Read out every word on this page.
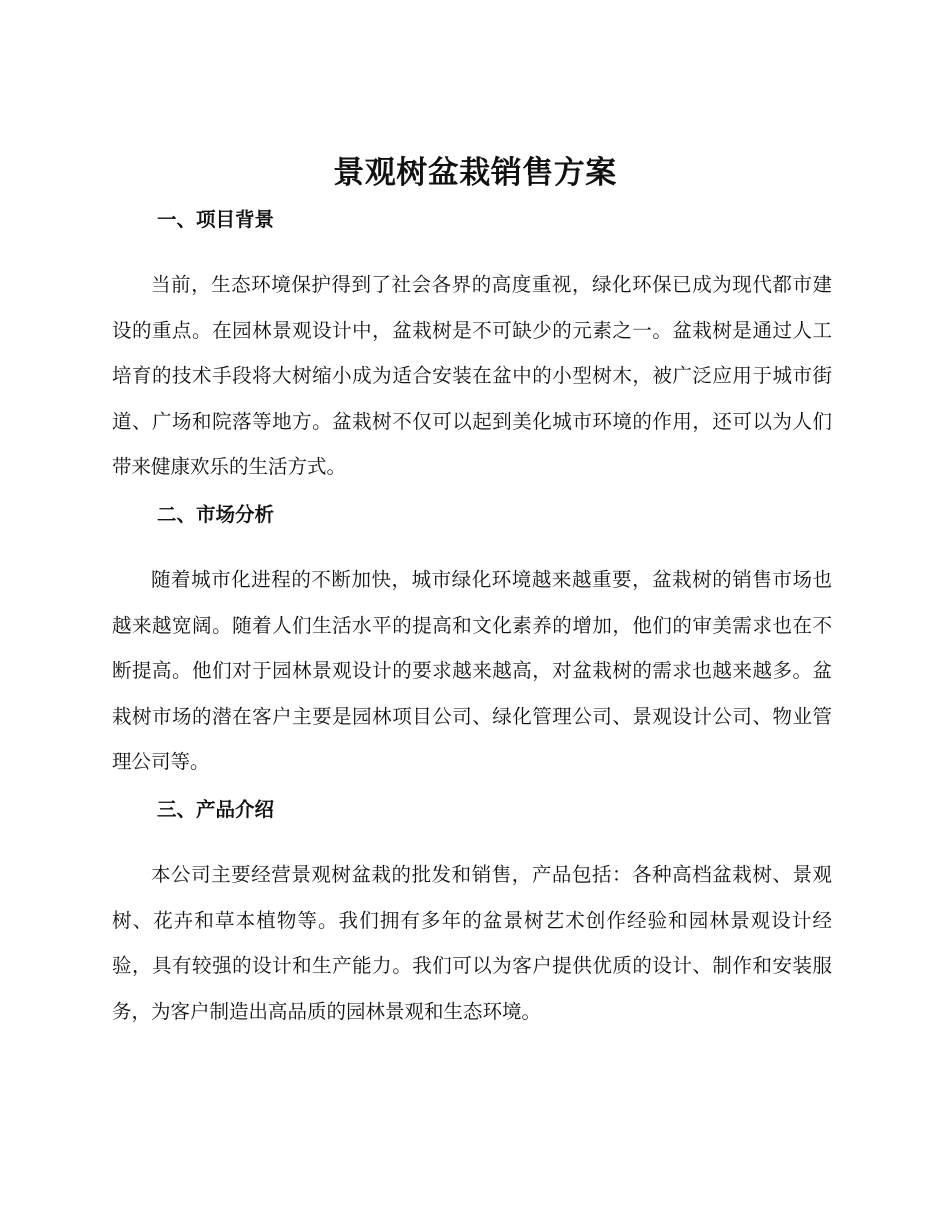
景观树盆栽销售方案
一、项目背景

当前，生态环境保护得到了社会各界的高度重视，绿化环保已成为现代都市建设的重点。在园林景观设计中，盆栽树是不可缺少的元素之一。盆栽树是通过人工培育的技术手段将大树缩小成为适合安装在盆中的小型树木，被广泛应用于城市街道、广场和院落等地方。盆栽树不仅可以起到美化城市环境的作用，还可以为人们带来健康欢乐的生活方式。

二、市场分析

随着城市化进程的不断加快，城市绿化环境越来越重要，盆栽树的销售市场也越来越宽阔。随着人们生活水平的提高和文化素养的增加，他们的审美需求也在不断提高。他们对于园林景观设计的要求越来越高，对盆栽树的需求也越来越多。盆栽树市场的潜在客户主要是园林项目公司、绿化管理公司、景观设计公司、物业管理公司等。

三、产品介绍

本公司主要经营景观树盆栽的批发和销售，产品包括：各种高档盆栽树、景观树、花卉和草本植物等。我们拥有多年的盆景树艺术创作经验和园林景观设计经验，具有较强的设计和生产能力。我们可以为客户提供优质的设计、制作和安装服务，为客户制造出高品质的园林景观和生态环境。
